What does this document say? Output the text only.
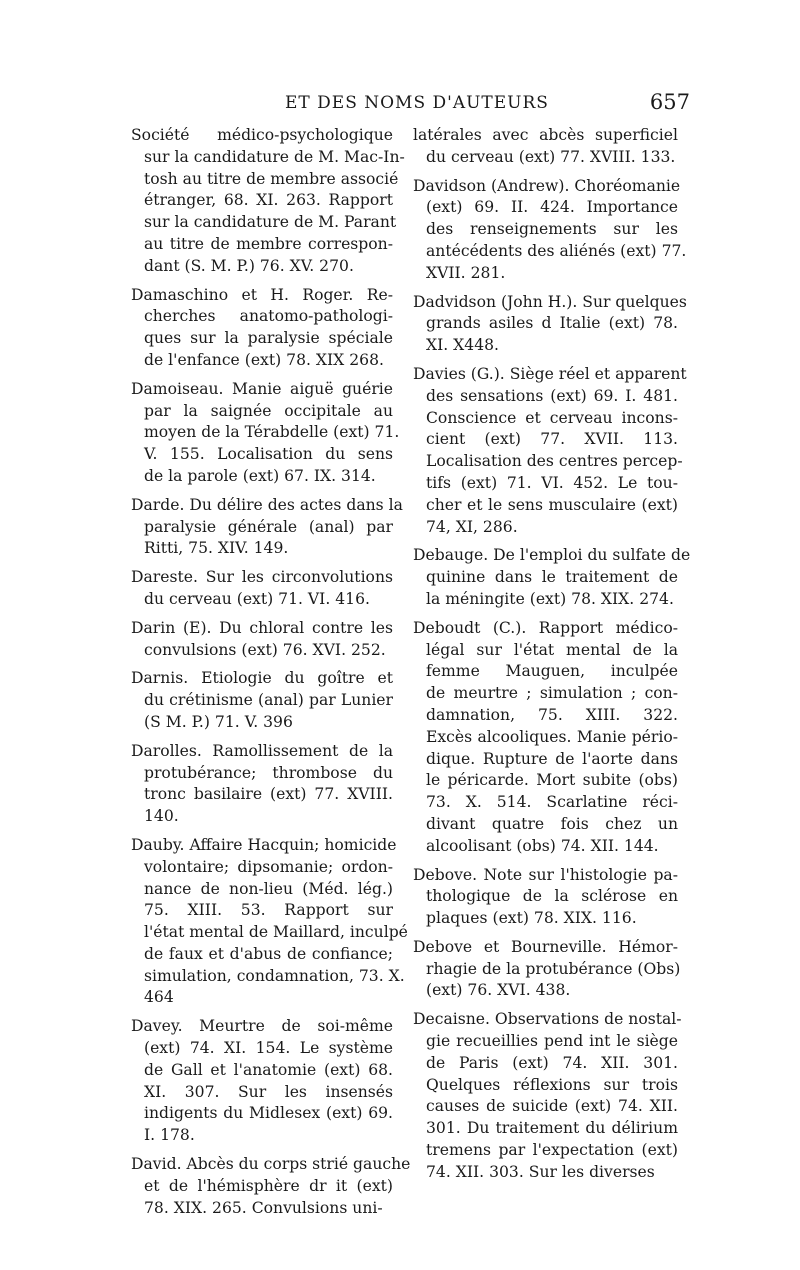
ET DES NOMS D'AUTEURS	657
Société médico-psychologique
sur la candidature de M. Mac-In-
tosh au titre de membre associé
étranger, 68. XI. 263. Rapport
sur la candidature de M. Parant
au titre de membre correspon-
dant (S. M. P.) 76. XV. 270.
Damaschino et H. Roger. Re-
cherches anatomo-pathologi-
ques sur la paralysie spéciale
de l'enfance (ext) 78. XIX 268.
Damoiseau. Manie aiguë guérie
par la saignée occipitale au
moyen de la Térabdelle (ext) 71.
V. 155. Localisation du sens
de la parole (ext) 67. IX. 314.
Darde. Du délire des actes dans la
paralysie générale (anal) par
Ritti, 75. XIV. 149.
Dareste. Sur les circonvolutions
du cerveau (ext) 71. VI. 416.
Darin (E). Du chloral contre les
convulsions (ext) 76. XVI. 252.
Darnis. Etiologie du goître et
du crétinisme (anal) par Lunier
(S M. P.) 71. V. 396
Darolles. Ramollissement de la
protubérance; thrombose du
tronc basilaire (ext) 77. XVIII.
140.
Dauby. Affaire Hacquin; homicide
volontaire; dipsomanie; ordon-
nance de non-lieu (Méd. lég.)
75. XIII. 53. Rapport sur
l'état mental de Maillard, inculpé
de faux et d'abus de confiance;
simulation, condamnation, 73. X.
464
Davey. Meurtre de soi-même
(ext) 74. XI. 154. Le système
de Gall et l'anatomie (ext) 68.
XI. 307. Sur les insensés
indigents du Midlesex (ext) 69.
I. 178.
David. Abcès du corps strié gauche
et de l'hémisphère dr it (ext)
78. XIX. 265. Convulsions uni-
latérales avec abcès superficiel
du cerveau (ext) 77. XVIII. 133.
Davidson (Andrew). Choréomanie
(ext) 69. II. 424. Importance
des renseignements sur les
antécédents des aliénés (ext) 77.
XVII. 281.
Dadvidson (John H.). Sur quelques
grands asiles d Italie (ext) 78.
XI. X448.
Davies (G.). Siège réel et apparent
des sensations (ext) 69. I. 481.
Conscience et cerveau incons-
cient (ext) 77. XVII. 113.
Localisation des centres percep-
tifs (ext) 71. VI. 452. Le tou-
cher et le sens musculaire (ext)
74, XI, 286.
Debauge. De l'emploi du sulfate de
quinine dans le traitement de
la méningite (ext) 78. XIX. 274.
Deboudt (C.). Rapport médico-
légal sur l'état mental de la
femme Mauguen, inculpée
de meurtre ; simulation ; con-
damnation, 75. XIII. 322.
Excès alcooliques. Manie pério-
dique. Rupture de l'aorte dans
le péricarde. Mort subite (obs)
73. X. 514. Scarlatine réci-
divant quatre fois chez un
alcoolisant (obs) 74. XII. 144.
Debove. Note sur l'histologie pa-
thologique de la sclérose en
plaques (ext) 78. XIX. 116.
Debove et Bourneville. Hémor-
rhagie de la protubérance (Obs)
(ext) 76. XVI. 438.
Decaisne. Observations de nostal-
gie recueillies pend int le siège
de Paris (ext) 74. XII. 301.
Quelques réflexions sur trois
causes de suicide (ext) 74. XII.
301. Du traitement du délirium
tremens par l'expectation (ext)
74. XII. 303. Sur les diverses
